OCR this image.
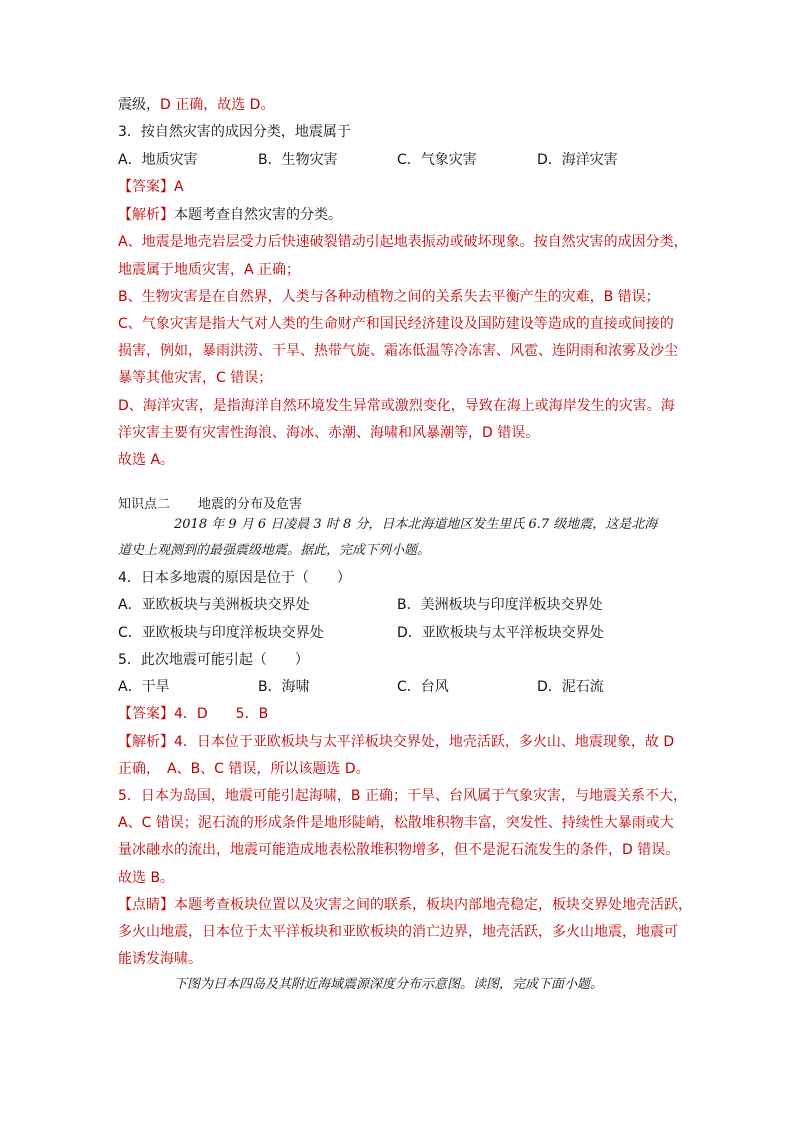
震级，D 正确，故选 D。
3．按自然灾害的成因分类，地震属于
A．地质灾害	B．生物灾害	C．气象灾害	D．海洋灾害
【答案】A
【解析】本题考查自然灾害的分类。
A、地震是地壳岩层受力后快速破裂错动引起地表振动或破坏现象。按自然灾害的成因分类，
地震属于地质灾害，A 正确；
B、生物灾害是在自然界，人类与各种动植物之间的关系失去平衡产生的灾难，B 错误；
C、气象灾害是指大气对人类的生命财产和国民经济建设及国防建设等造成的直接或间接的
损害，例如，暴雨洪涝、干旱、热带气旋、霜冻低温等冷冻害、风雹、连阴雨和浓雾及沙尘
暴等其他灾害，C 错误；
D、海洋灾害，是指海洋自然环境发生异常或激烈变化，导致在海上或海岸发生的灾害。海
洋灾害主要有灾害性海浪、海冰、赤潮、海啸和风暴潮等，D 错误。
故选 A。
知识点二 地震的分布及危害
2018 年 9 月 6 日凌晨 3 时 8 分，日本北海道地区发生里氏 6.7 级地震，这是北海
道史上观测到的最强震级地震。据此，完成下列小题。
4．日本多地震的原因是位于（　　）
A．亚欧板块与美洲板块交界处	B．美洲板块与印度洋板块交界处
C．亚欧板块与印度洋板块交界处	D．亚欧板块与太平洋板块交界处
5．此次地震可能引起（　　）
A．干旱	B．海啸	C．台风	D．泥石流
【答案】4．D　　5．B
【解析】4．日本位于亚欧板块与太平洋板块交界处，地壳活跃，多火山、地震现象，故 D
正确，　A、B、C 错误，所以该题选 D。
5．日本为岛国，地震可能引起海啸，B 正确；干旱、台风属于气象灾害，与地震关系不大，
A、C 错误；泥石流的形成条件是地形陡峭，松散堆积物丰富，突发性、持续性大暴雨或大
量冰融水的流出，地震可能造成地表松散堆积物增多，但不是泥石流发生的条件，D 错误。
故选 B。
【点睛】本题考查板块位置以及灾害之间的联系，板块内部地壳稳定，板块交界处地壳活跃，
多火山地震，日本位于太平洋板块和亚欧板块的消亡边界，地壳活跃，多火山地震，地震可
能诱发海啸。
下图为日本四岛及其附近海域震源深度分布示意图。读图，完成下面小题。
